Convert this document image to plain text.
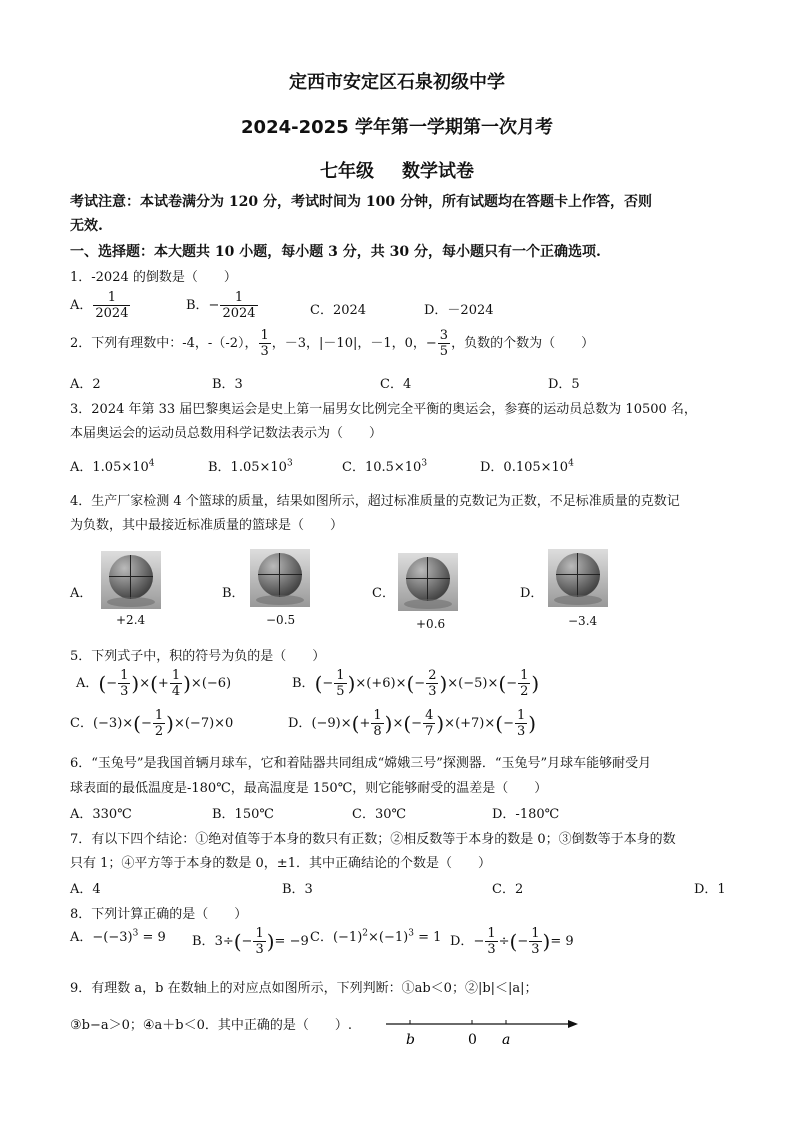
定西市安定区石泉初级中学
2024-2025 学年第一学期第一次月考
七年级 数学试卷
考试注意：本试卷满分为 120 分，考试时间为 100 分钟，所有试题均在答题卡上作答，否则
无效.
一、选择题：本大题共 10 小题，每小题 3 分，共 30 分，每小题只有一个正确选项.
1．-2024 的倒数是（　　）
A． $\frac{1}{2024}$	B．− $\frac{1}{2024}$	C．2024	D．－2024
2．下列有理数中：-4，-（-2）， $\frac{1}{3}$ ，－3，|－10|，－1，0，− $\frac{3}{5}$ ，负数的个数为（　　）
A．2	B．3	C．4	D．5
3．2024 年第 33 届巴黎奥运会是史上第一届男女比例完全平衡的奥运会，参赛的运动员总数为 10500 名，
本届奥运会的运动员总数用科学记数法表示为（　　）
A．$1.05\times 10^4$	B．$1.05\times 10^3$	C．$10.5\times 10^3$	D．$0.105\times 10^4$
4．生产厂家检测 4 个篮球的质量，结果如图所示，超过标准质量的克数记为正数，不足标准质量的克数记
为负数，其中最接近标准质量的篮球是（　　）
A．
+2.4
B．
−0.5
C．
+0.6
D．
−3.4
5．下列式子中，积的符号为负的是（　　）
A．(− $\frac{1}{3}$ )×(+ $\frac{1}{4} )\times(-6)$	B．(− $\frac{1}{5} )\times(+6)\times(- \frac{2}{3} )\times(-5)\times(- \frac{1}{2}$ )
C．$(-3)\times(- \frac{1}{2} )\times(-7)\times 0$	D．$(-9)\times(+ \frac{1}{8}$ )×(− $\frac{4}{7} )\times(+7)\times(- \frac{1}{3}$ )
6．“玉兔号”是我国首辆月球车，它和着陆器共同组成“嫦娥三号”探测器．“玉兔号”月球车能够耐受月
球表面的最低温度是-180℃，最高温度是 150℃，则它能够耐受的温差是（　　）
A．330℃	B．150℃	C．30℃	D．-180℃
7．有以下四个结论：①绝对值等于本身的数只有正数；②相反数等于本身的数是 0；③倒数等于本身的数
只有 1；④平方等于本身的数是 0，±1．其中正确结论的个数是（　　）
A．4	B．3	C．2	D．1
8．下列计算正确的是（　　）
A．$-(-3)^3 = 9$ B．$3\div(- \frac{1}{3}$ )= −9 C．$(-1)^2\times(-1)^3 = 1$ D．− $\frac{1}{3}$ ÷(− $\frac{1}{3}$ )= 9
9．有理数 a，b 在数轴上的对应点如图所示，下列判断：①ab＜0；②|b|＜|a|；
③b−a＞0；④a＋b＜0．其中正确的是（　　）.
b	0 a
